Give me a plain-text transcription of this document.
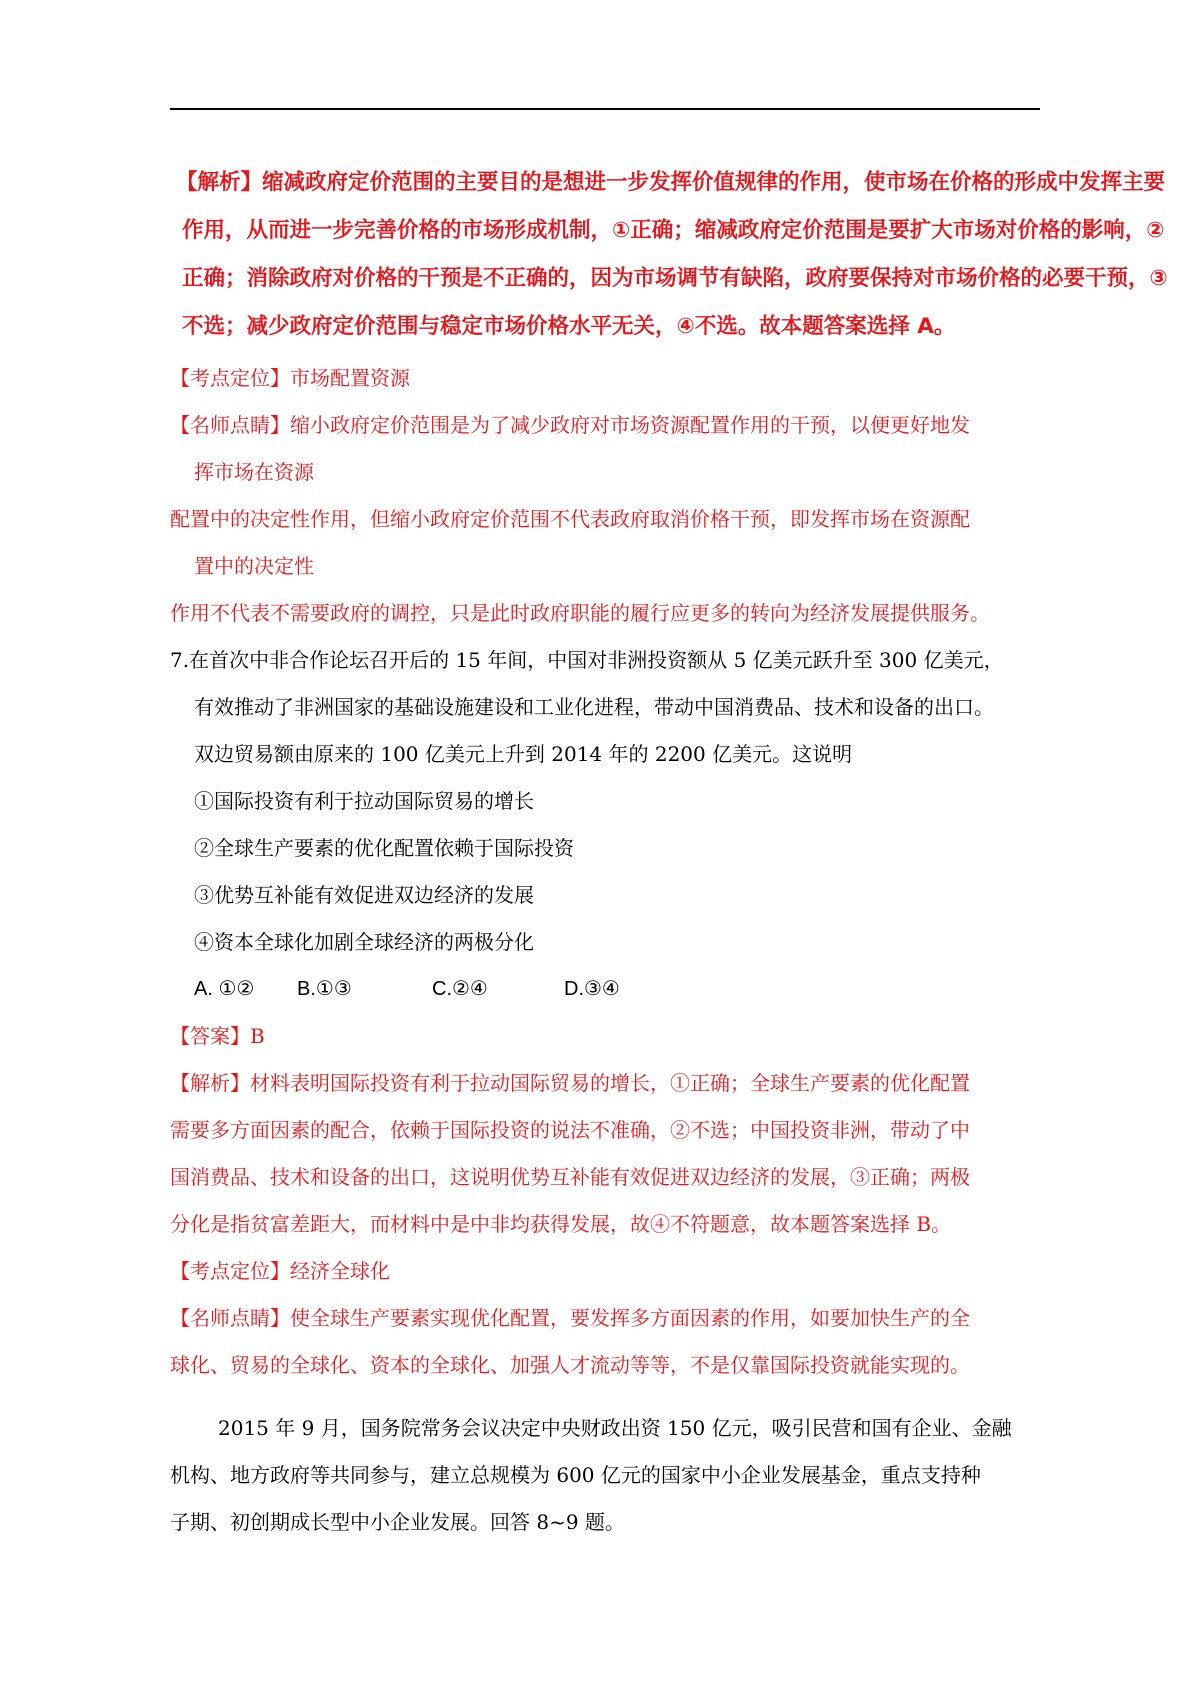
【解析】缩减政府定价范围的主要目的是想进一步发挥价值规律的作用，使市场在价格的形成中发挥主要
作用，从而进一步完善价格的市场形成机制，①正确；缩减政府定价范围是要扩大市场对价格的影响，②
正确；消除政府对价格的干预是不正确的，因为市场调节有缺陷，政府要保持对市场价格的必要干预，③
不选；减少政府定价范围与稳定市场价格水平无关，④不选。故本题答案选择 A。
【考点定位】市场配置资源
【名师点睛】缩小政府定价范围是为了减少政府对市场资源配置作用的干预，以便更好地发
挥市场在资源
配置中的决定性作用，但缩小政府定价范围不代表政府取消价格干预，即发挥市场在资源配
置中的决定性
作用不代表不需要政府的调控，只是此时政府职能的履行应更多的转向为经济发展提供服务。
7.在首次中非合作论坛召开后的 15 年间，中国对非洲投资额从 5 亿美元跃升至 300 亿美元，
有效推动了非洲国家的基础设施建设和工业化进程，带动中国消费品、技术和设备的出口。
双边贸易额由原来的 100 亿美元上升到 2014 年的 2200 亿美元。这说明
①国际投资有利于拉动国际贸易的增长
②全球生产要素的优化配置依赖于国际投资
③优势互补能有效促进双边经济的发展
④资本全球化加剧全球经济的两极分化
A. ①② B.①③	C.②④	D.③④
【答案】B
【解析】材料表明国际投资有利于拉动国际贸易的增长，①正确；全球生产要素的优化配置
需要多方面因素的配合，依赖于国际投资的说法不准确，②不选；中国投资非洲，带动了中
国消费品、技术和设备的出口，这说明优势互补能有效促进双边经济的发展，③正确；两极
分化是指贫富差距大，而材料中是中非均获得发展，故④不符题意，故本题答案选择 B。
【考点定位】经济全球化
【名师点睛】使全球生产要素实现优化配置，要发挥多方面因素的作用，如要加快生产的全
球化、贸易的全球化、资本的全球化、加强人才流动等等，不是仅靠国际投资就能实现的。
2015 年 9 月，国务院常务会议决定中央财政出资 150 亿元，吸引民营和国有企业、金融
机构、地方政府等共同参与，建立总规模为 600 亿元的国家中小企业发展基金，重点支持种
子期、初创期成长型中小企业发展。回答 8~9 题。
